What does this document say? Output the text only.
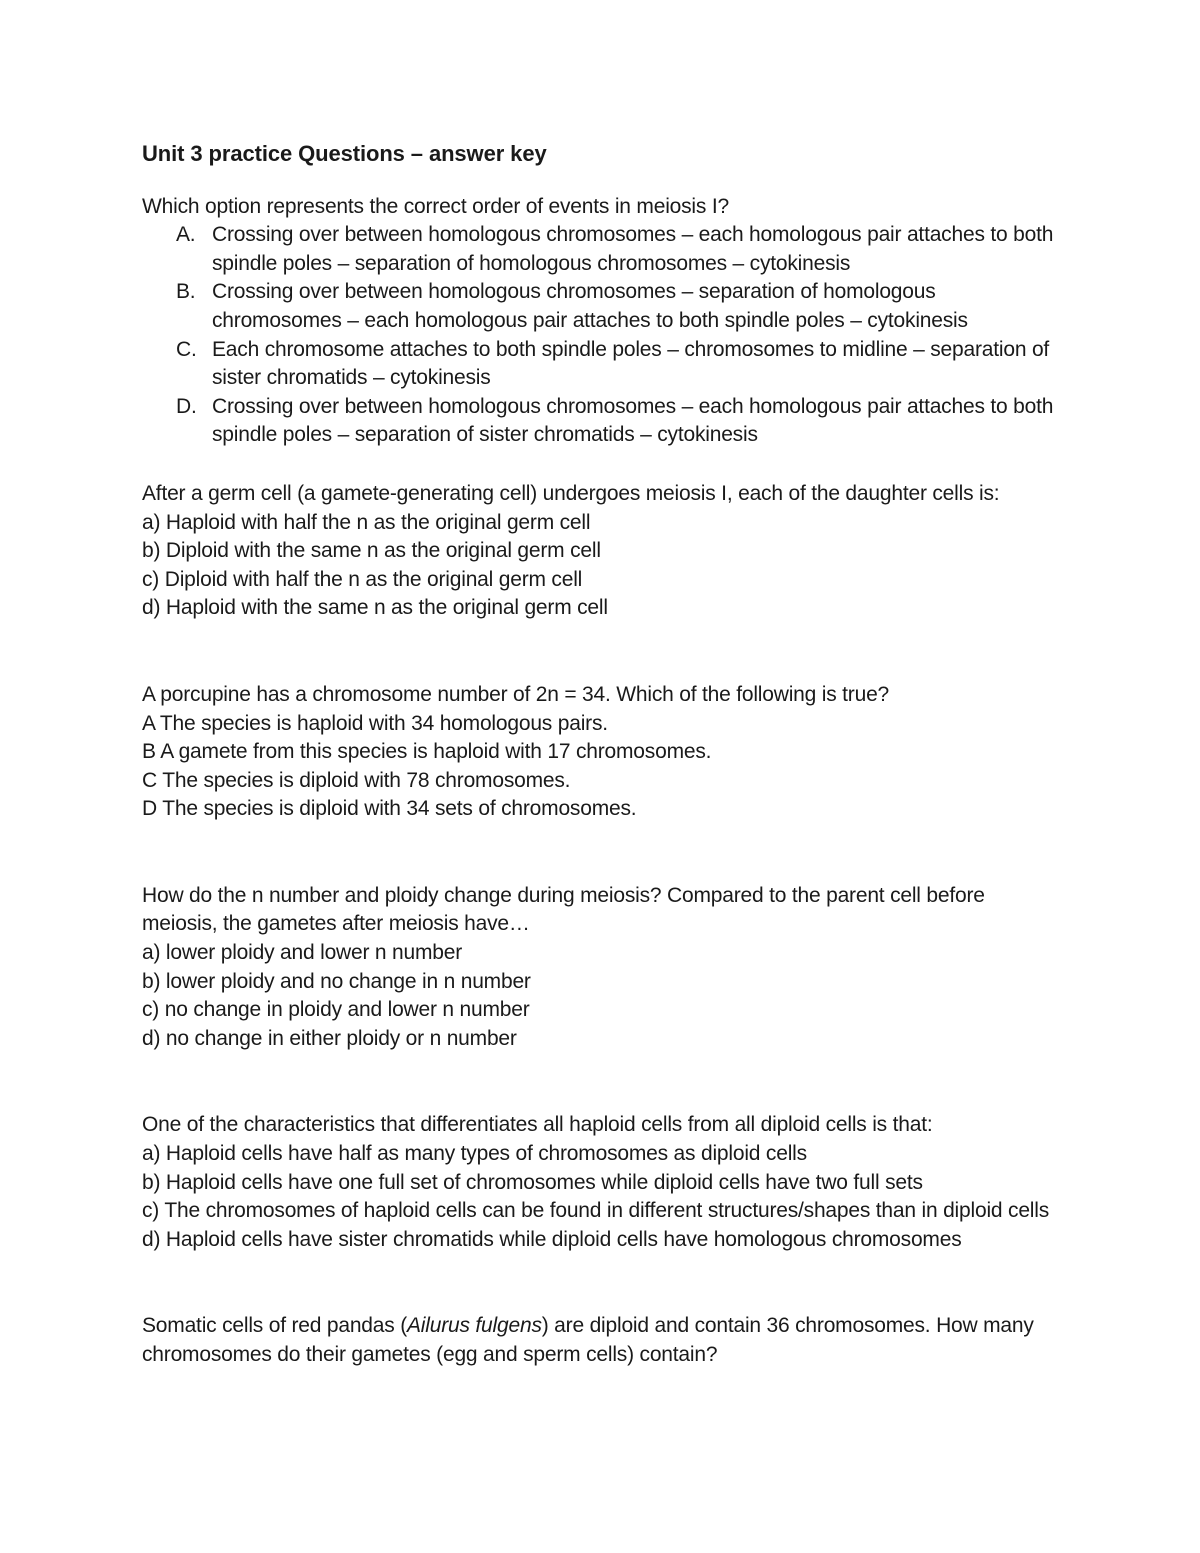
Unit 3 practice Questions – answer key
Which option represents the correct order of events in meiosis I?
A. Crossing over between homologous chromosomes – each homologous pair attaches to both spindle poles – separation of homologous chromosomes – cytokinesis
B. Crossing over between homologous chromosomes – separation of homologous chromosomes – each homologous pair attaches to both spindle poles – cytokinesis
C. Each chromosome attaches to both spindle poles – chromosomes to midline – separation of sister chromatids – cytokinesis
D. Crossing over between homologous chromosomes – each homologous pair attaches to both spindle poles – separation of sister chromatids – cytokinesis
After a germ cell (a gamete-generating cell) undergoes meiosis I, each of the daughter cells is:
a) Haploid with half the n as the original germ cell
b) Diploid with the same n as the original germ cell
c) Diploid with half the n as the original germ cell
d) Haploid with the same n as the original germ cell
A porcupine has a chromosome number of 2n = 34. Which of the following is true?
A The species is haploid with 34 homologous pairs.
B A gamete from this species is haploid with 17 chromosomes.
C The species is diploid with 78 chromosomes.
D The species is diploid with 34 sets of chromosomes.
How do the n number and ploidy change during meiosis? Compared to the parent cell before meiosis, the gametes after meiosis have…
a) lower ploidy and lower n number
b) lower ploidy and no change in n number
c) no change in ploidy and lower n number
d) no change in either ploidy or n number
One of the characteristics that differentiates all haploid cells from all diploid cells is that:
a) Haploid cells have half as many types of chromosomes as diploid cells
b) Haploid cells have one full set of chromosomes while diploid cells have two full sets
c) The chromosomes of haploid cells can be found in different structures/shapes than in diploid cells
d) Haploid cells have sister chromatids while diploid cells have homologous chromosomes
Somatic cells of red pandas (Ailurus fulgens) are diploid and contain 36 chromosomes. How many chromosomes do their gametes (egg and sperm cells) contain?
